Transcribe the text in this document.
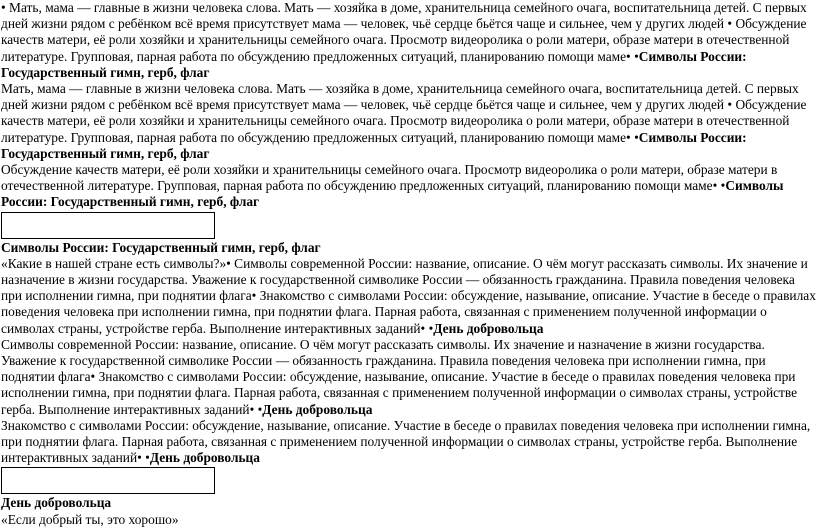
• Мать, мама — главные в жизни человека слова. Мать — хозяйка в доме, хранительница семейного очага, воспитательница детей. С первых дней жизни рядом с ребёнком всё время присутствует мама — человек, чьё сердце бьётся чаще и сильнее, чем у других людей • Обсуждение качеств матери, её роли хозяйки и хранительницы семейного очага. Просмотр видеоролика о роли матери, образе матери в отечественной литературе. Групповая, парная работа по обсуждению предложенных ситуаций, планированию помощи маме• •Символы России: Государственный гимн, герб, флаг

Мать, мама — главные в жизни человека слова. Мать — хозяйка в доме, хранительница семейного очага, воспитательница детей. С первых дней жизни рядом с ребёнком всё время присутствует мама — человек, чьё сердце бьётся чаще и сильнее, чем у других людей • Обсуждение качеств матери, её роли хозяйки и хранительницы семейного очага. Просмотр видеоролика о роли матери, образе матери в отечественной литературе. Групповая, парная работа по обсуждению предложенных ситуаций, планированию помощи маме• •Символы России: Государственный гимн, герб, флаг

Обсуждение качеств матери, её роли хозяйки и хранительницы семейного очага. Просмотр видеоролика о роли матери, образе матери в отечественной литературе. Групповая, парная работа по обсуждению предложенных ситуаций, планированию помощи маме• •Символы России: Государственный гимн, герб, флаг

Символы России: Государственный гимн, герб, флаг

«Какие в нашей стране есть символы?»• Символы современной России: название, описание. О чём могут рассказать символы. Их значение и назначение в жизни государства. Уважение к государственной символике России — обязанность гражданина. Правила поведения человека при исполнении гимна, при поднятии флага• Знакомство с символами России: обсуждение, называние, описание. Участие в беседе о правилах поведения человека при исполнении гимна, при поднятии флага. Парная работа, связанная с применением полученной информации о символах страны, устройстве герба. Выполнение интерактивных заданий• •День добровольца

Символы современной России: название, описание. О чём могут рассказать символы. Их значение и назначение в жизни государства. Уважение к государственной символике России — обязанность гражданина. Правила поведения человека при исполнении гимна, при поднятии флага• Знакомство с символами России: обсуждение, называние, описание. Участие в беседе о правилах поведения человека при исполнении гимна, при поднятии флага. Парная работа, связанная с применением полученной информации о символах страны, устройстве герба. Выполнение интерактивных заданий• •День добровольца

Знакомство с символами России: обсуждение, называние, описание. Участие в беседе о правилах поведения человека при исполнении гимна, при поднятии флага. Парная работа, связанная с применением полученной информации о символах страны, устройстве герба. Выполнение интерактивных заданий• •День добровольца

День добровольца

«Если добрый ты, это хорошо»
